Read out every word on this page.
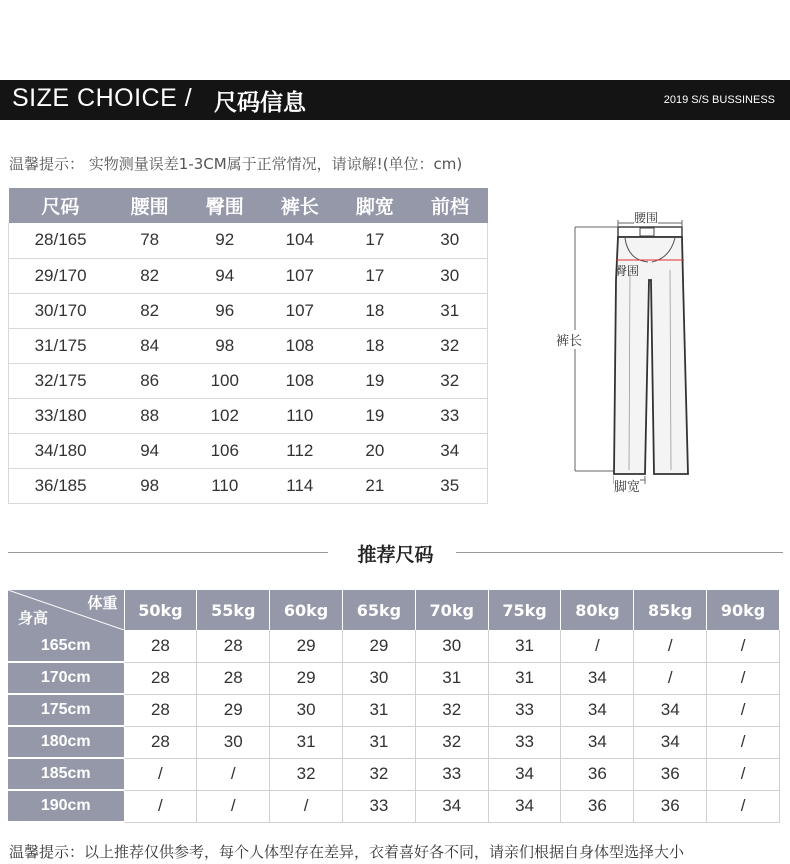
SIZE CHOICE / 尺码信息	2019 S/S BUSSINESS
温馨提示： 实物测量误差1-3CM属于正常情况，请谅解!(单位：cm)
尺码	腰围	臀围	裤长	脚宽	前档
28/165	78	92	104	17	30
29/170	82	94	107	17	30
30/170	82	96	107	18	31
31/175	84	98	108	18	32
32/175	86	100	108	19	32
33/180	88	102	110	19	33
34/180	94	106	112	20	34
36/185	98	110	114	21	35
腰围
臀围
裤长
脚宽
推荐尺码
体重
身高	50kg	55kg	60kg	65kg	70kg	75kg	80kg	85kg	90kg
165cm	28	28	29	29	30	31	/	/	/
170cm	28	28	29	30	31	31	34	/	/
175cm	28	29	30	31	32	33	34	34	/
180cm	28	30	31	31	32	33	34	34	/
185cm	/	/	32	32	33	34	36	36	/
190cm	/	/	/	33	34	34	36	36	/
温馨提示：以上推荐仅供参考，每个人体型存在差异，衣着喜好各不同，请亲们根据自身体型选择大小
